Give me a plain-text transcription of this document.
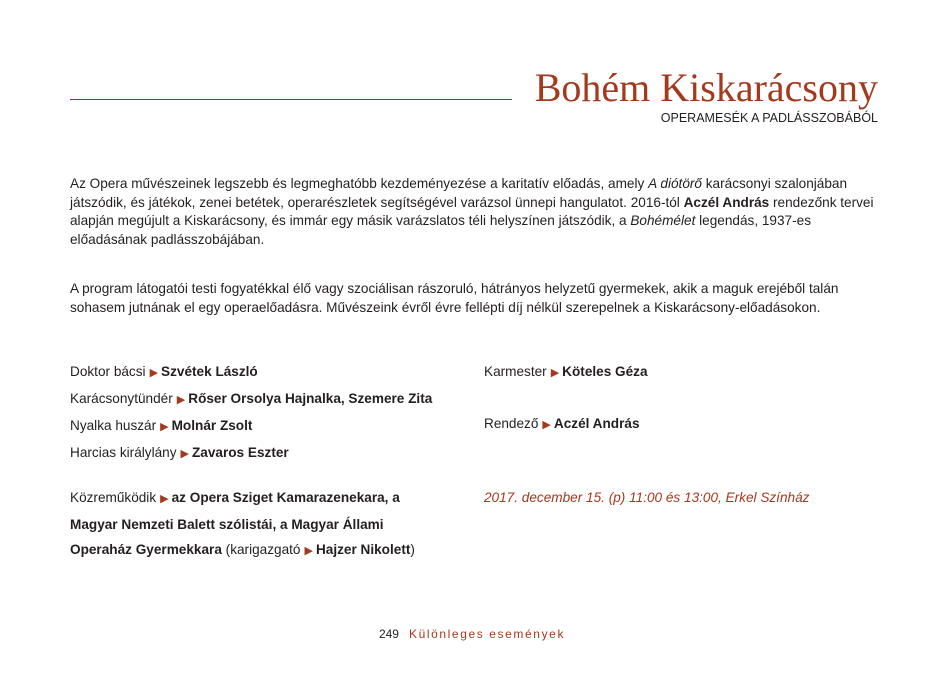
Bohém Kiskarácsony
OPERAMESÉK A PADLÁSSZOBÁBÓL

Az Opera művészeinek legszebb és legmeghatóbb kezdeményezése a karitatív előadás, amely A diótörő karácsonyi szalonjában játszódik, és játékok, zenei betétek, operarészletek segítségével varázsol ünnepi hangulatot. 2016-tól Aczél András rendezőnk tervei alapján megújult a Kiskarácsony, és immár egy másik varázslatos téli helyszínen játszódik, a Bohémélet legendás, 1937-es előadásának padlásszobájában.

A program látogatói testi fogyatékkal élő vagy szociálisan rászoruló, hátrányos helyzetű gyermekek, akik a maguk erejéből talán sohasem jutnának el egy operaelőadásra. Művészeink évről évre fellépti díj nélkül szerepelnek a Kiskarácsony-előadásokon.

Doktor bácsi ▶ Szvétek László
Karácsonytündér ▶ Rőser Orsolya Hajnalka, Szemere Zita
Nyalka huszár ▶ Molnár Zsolt
Harcias királylány ▶ Zavaros Eszter
Karmester ▶ Köteles Géza
Rendező ▶ Aczél András
Közreműködik ▶ az Opera Sziget Kamarazenekara, a
Magyar Nemzeti Balett szólistái, a Magyar Állami
Operaház Gyermekkara (karigazgató ▶ Hajzer Nikolett)
2017. december 15. (p) 11:00 és 13:00, Erkel Színház
249 Különleges események
